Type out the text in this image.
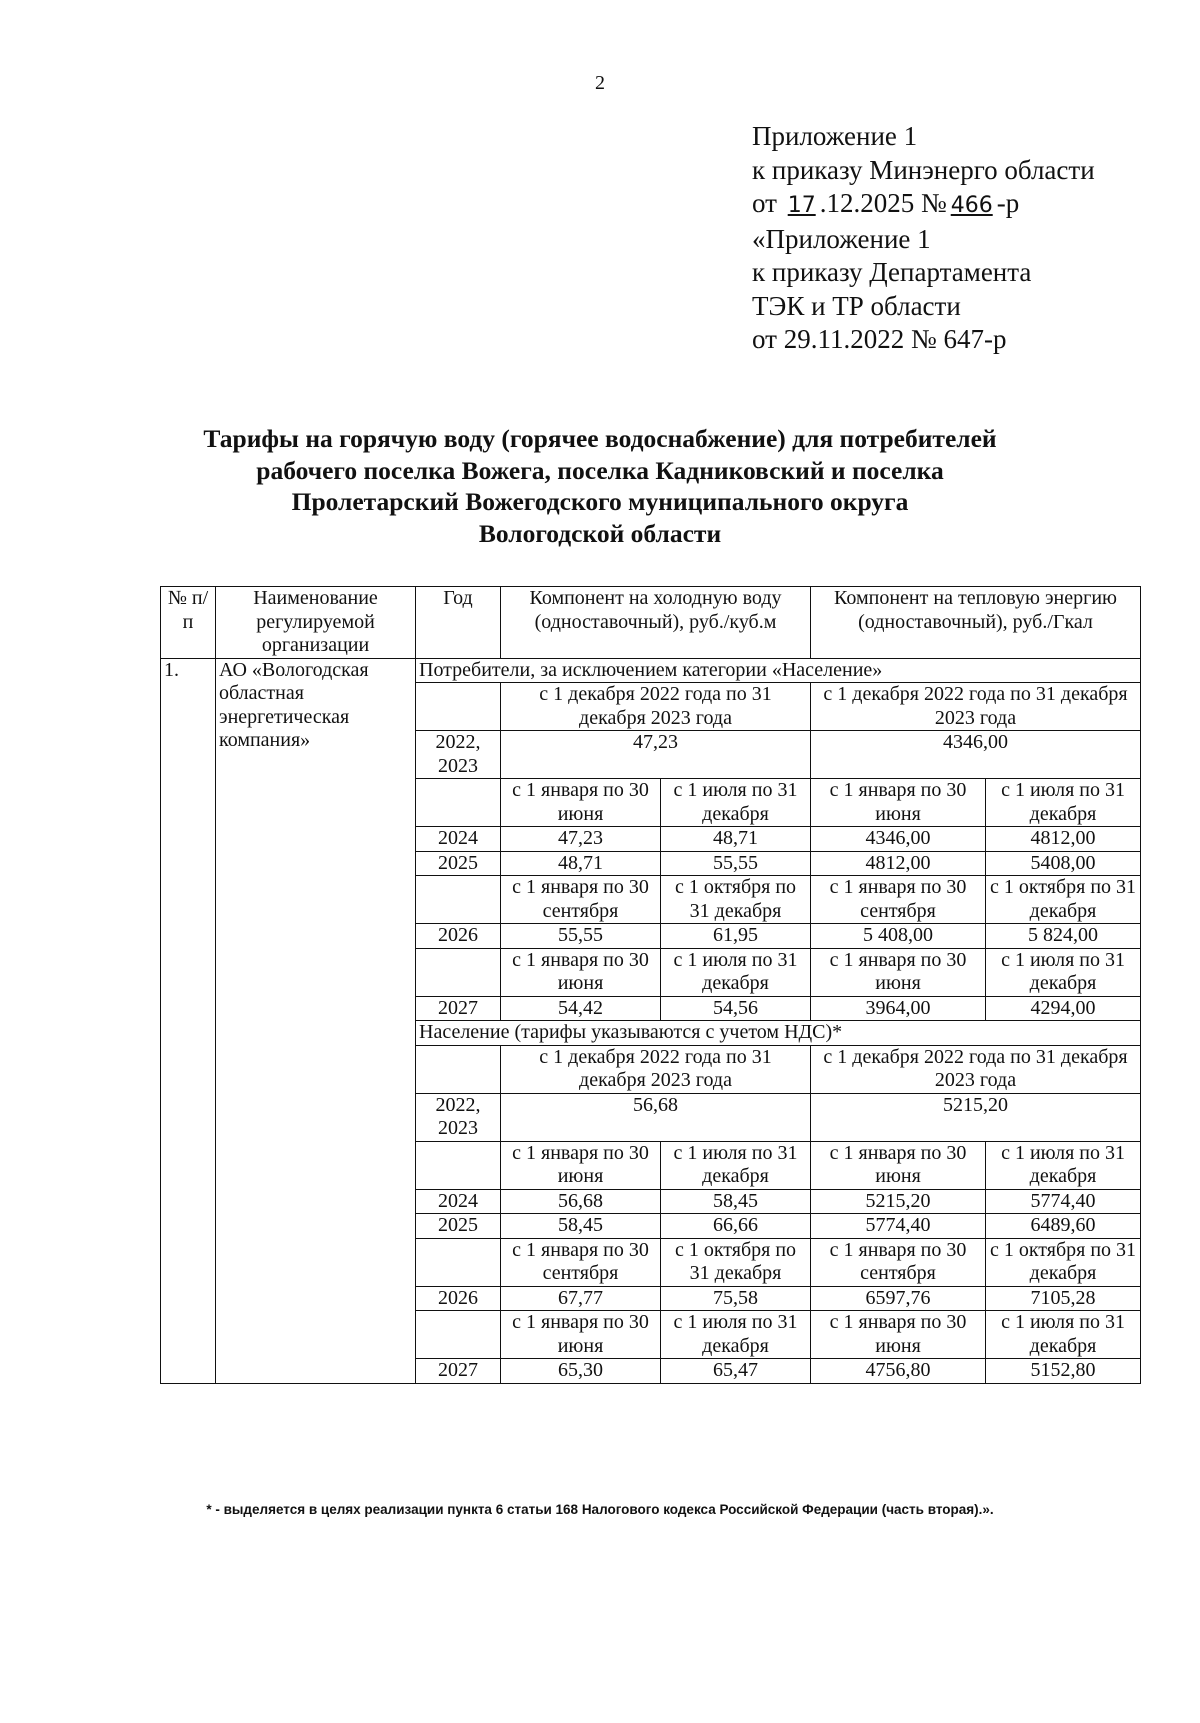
2
Приложение 1
к приказу Минэнерго области
от 17 .12.2025 № 466 -р
«Приложение 1
к приказу Департамента
ТЭК и ТР области
от 29.11.2022 № 647-р
Тарифы на горячую воду (горячее водоснабжение) для потребителей
рабочего поселка Вожега, поселка Кадниковский и поселка
Пролетарский Вожегодского муниципального округа
Вологодской области
№ п/п	Наименование регулируемой организации	Год	Компонент на холодную воду (одноставочный), руб./куб.м		Компонент на тепловую энергию (одноставочный), руб./Гкал	
1.	АО «Вологодская областная энергетическая компания»	Потребители, за исключением категории «Население»				
			с 1 декабря 2022 года по 31 декабря 2023 года		с 1 декабря 2022 года по 31 декабря 2023 года	
		2022, 2023	47,23		4346,00	
			с 1 января по 30 июня	с 1 июля по 31 декабря	с 1 января по 30 июня	с 1 июля по 31 декабря
		2024	47,23	48,71	4346,00	4812,00
		2025	48,71	55,55	4812,00	5408,00
			с 1 января по 30 сентября	с 1 октября по 31 декабря	с 1 января по 30 сентября	с 1 октября по 31 декабря
		2026	55,55	61,95	5 408,00	5 824,00
			с 1 января по 30 июня	с 1 июля по 31 декабря	с 1 января по 30 июня	с 1 июля по 31 декабря
		2027	54,42	54,56	3964,00	4294,00
		Население (тарифы указываются с учетом НДС)*				
			с 1 декабря 2022 года по 31 декабря 2023 года		с 1 декабря 2022 года по 31 декабря 2023 года	
		2022, 2023	56,68		5215,20	
			с 1 января по 30 июня	с 1 июля по 31 декабря	с 1 января по 30 июня	с 1 июля по 31 декабря
		2024	56,68	58,45	5215,20	5774,40
		2025	58,45	66,66	5774,40	6489,60
			с 1 января по 30 сентября	с 1 октября по 31 декабря	с 1 января по 30 сентября	с 1 октября по 31 декабря
		2026	67,77	75,58	6597,76	7105,28
			с 1 января по 30 июня	с 1 июля по 31 декабря	с 1 января по 30 июня	с 1 июля по 31 декабря
		2027	65,30	65,47	4756,80	5152,80
* - выделяется в целях реализации пункта 6 статьи 168 Налогового кодекса Российской Федерации (часть вторая).».
